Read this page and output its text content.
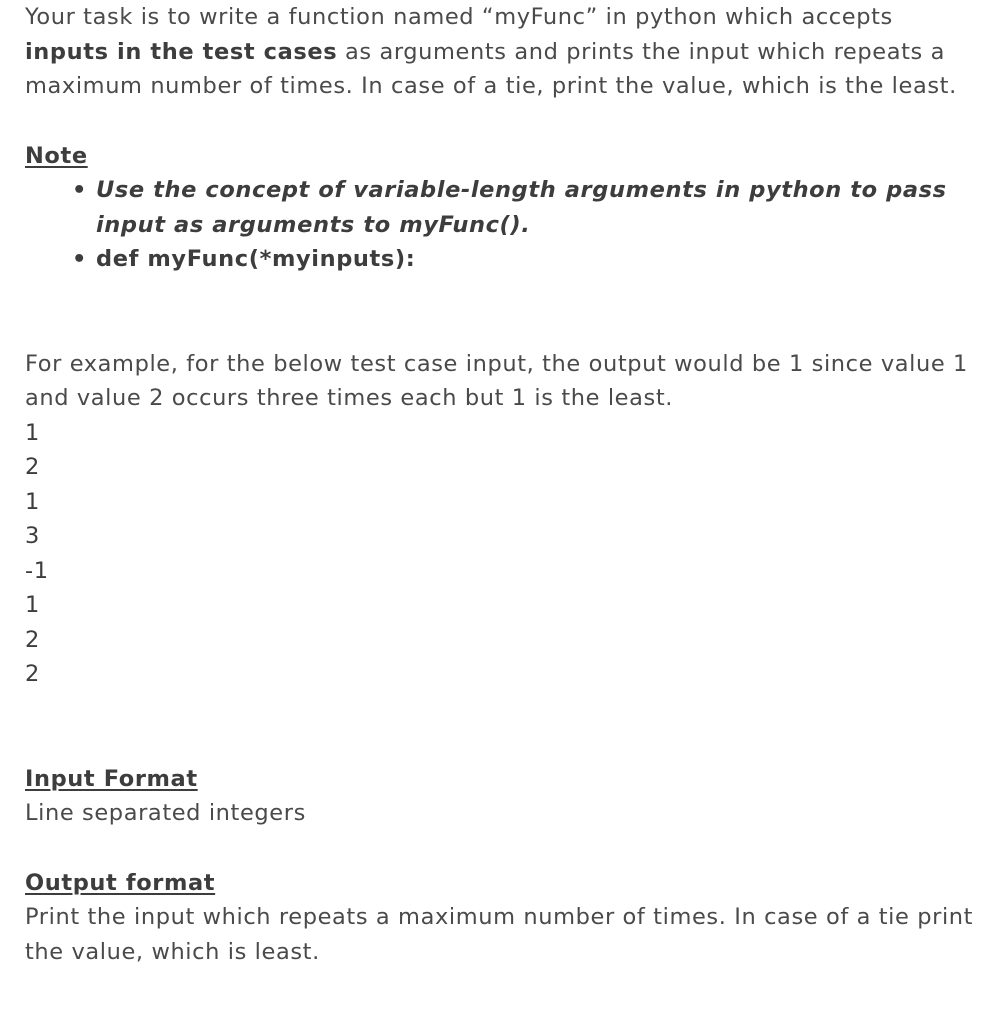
Your task is to write a function named “myFunc” in python which accepts inputs in the test cases as arguments and prints the input which repeats a maximum number of times. In case of a tie, print the value, which is the least.

Note

• Use the concept of variable-length arguments in python to pass input as arguments to myFunc().
• def myFunc(*myinputs):

For example, for the below test case input, the output would be 1 since value 1 and value 2 occurs three times each but 1 is the least.

1
2
1
3
-1
1
2
2

Input Format

Line separated integers

Output format

Print the input which repeats a maximum number of times. In case of a tie print the value, which is least.
